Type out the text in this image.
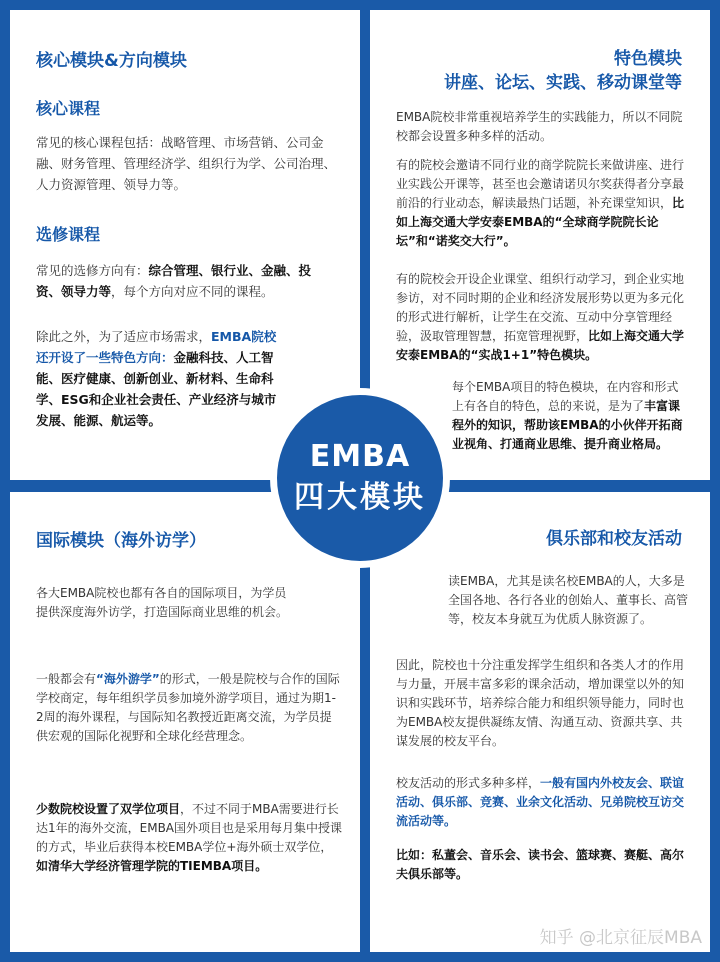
核心模块&方向模块
核心课程
常见的核心课程包括：战略管理、市场营销、公司金融、财务管理、管理经济学、组织行为学、公司治理、人力资源管理、领导力等。
选修课程
常见的选修方向有：综合管理、银行业、金融、投资、领导力等，每个方向对应不同的课程。
除此之外，为了适应市场需求，EMBA院校还开设了一些特色方向：金融科技、人工智能、医疗健康、创新创业、新材料、生命科学、ESG和企业社会责任、产业经济与城市发展、能源、航运等。
特色模块
讲座、论坛、实践、移动课堂等
EMBA院校非常重视培养学生的实践能力，所以不同院校都会设置多种多样的活动。
有的院校会邀请不同行业的商学院院长来做讲座、进行业实践公开课等，甚至也会邀请诺贝尔奖获得者分享最前沿的行业动态，解读最热门话题，补充课堂知识，比如上海交通大学安泰EMBA的“全球商学院院长论坛”和“诺奖交大行”。
有的院校会开设企业课堂、组织行动学习，到企业实地参访，对不同时期的企业和经济发展形势以更为多元化的形式进行解析，让学生在交流、互动中分享管理经验，汲取管理智慧，拓宽管理视野，比如上海交通大学安泰EMBA的“实战1+1”特色模块。
每个EMBA项目的特色模块，在内容和形式上有各自的特色，总的来说，是为了丰富课程外的知识，帮助该EMBA的小伙伴开拓商业视角、打通商业思维、提升商业格局。
国际模块（海外访学）
各大EMBA院校也都有各自的国际项目，为学员提供深度海外访学，打造国际商业思维的机会。
一般都会有“海外游学”的形式，一般是院校与合作的国际学校商定，每年组织学员参加境外游学项目，通过为期1-2周的海外课程，与国际知名教授近距离交流，为学员提供宏观的国际化视野和全球化经营理念。
少数院校设置了双学位项目，不过不同于MBA需要进行长达1年的海外交流，EMBA国外项目也是采用每月集中授课的方式，毕业后获得本校EMBA学位+海外硕士双学位，如清华大学经济管理学院的TIEMBA项目。
俱乐部和校友活动
读EMBA，尤其是读名校EMBA的人，大多是全国各地、各行各业的创始人、董事长、高管等，校友本身就互为优质人脉资源了。
因此，院校也十分注重发挥学生组织和各类人才的作用与力量，开展丰富多彩的课余活动，增加课堂以外的知识和实践环节，培养综合能力和组织领导能力，同时也为EMBA校友提供凝练友情、沟通互动、资源共享、共谋发展的校友平台。
校友活动的形式多种多样，一般有国内外校友会、联谊活动、俱乐部、竞赛、业余文化活动、兄弟院校互访交流活动等。
比如：私董会、音乐会、读书会、篮球赛、赛艇、高尔夫俱乐部等。
EMBA
四大模块
知乎 @北京征辰MBA
